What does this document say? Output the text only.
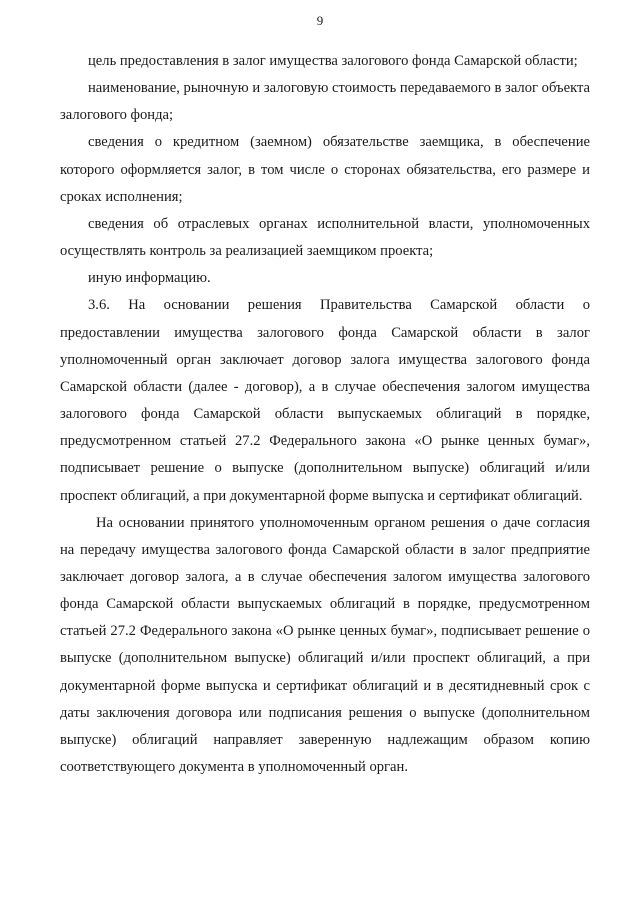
9

цель предоставления в залог имущества залогового фонда Самарской области;

наименование, рыночную и залоговую стоимость передаваемого в залог объекта залогового фонда;

сведения о кредитном (заемном) обязательстве заемщика, в обеспечение которого оформляется залог, в том числе о сторонах обязательства, его размере и сроках исполнения;

сведения об отраслевых органах исполнительной власти, уполномоченных осуществлять контроль за реализацией заемщиком проекта;

иную информацию.

3.6. На основании решения Правительства Самарской области о предоставлении имущества залогового фонда Самарской области в залог уполномоченный орган заключает договор залога имущества залогового фонда Самарской области (далее - договор), а в случае обеспечения залогом имущества залогового фонда Самарской области выпускаемых облигаций в порядке, предусмотренном статьей 27.2 Федерального закона «О рынке ценных бумаг», подписывает решение о выпуске (дополнительном выпуске) облигаций и/или проспект облигаций, а при документарной форме выпуска и сертификат облигаций.

На основании принятого уполномоченным органом решения о даче согласия на передачу имущества залогового фонда Самарской области в залог предприятие заключает договор залога, а в случае обеспечения залогом имущества залогового фонда Самарской области выпускаемых облигаций в порядке, предусмотренном статьей 27.2 Федерального закона «О рынке ценных бумаг», подписывает решение о выпуске (дополнительном выпуске) облигаций и/или проспект облигаций, а при документарной форме выпуска и сертификат облигаций и в десятидневный срок с даты заключения договора или подписания решения о выпуске (дополнительном выпуске) облигаций направляет заверенную надлежащим образом копию соответствующего документа в уполномоченный орган.
